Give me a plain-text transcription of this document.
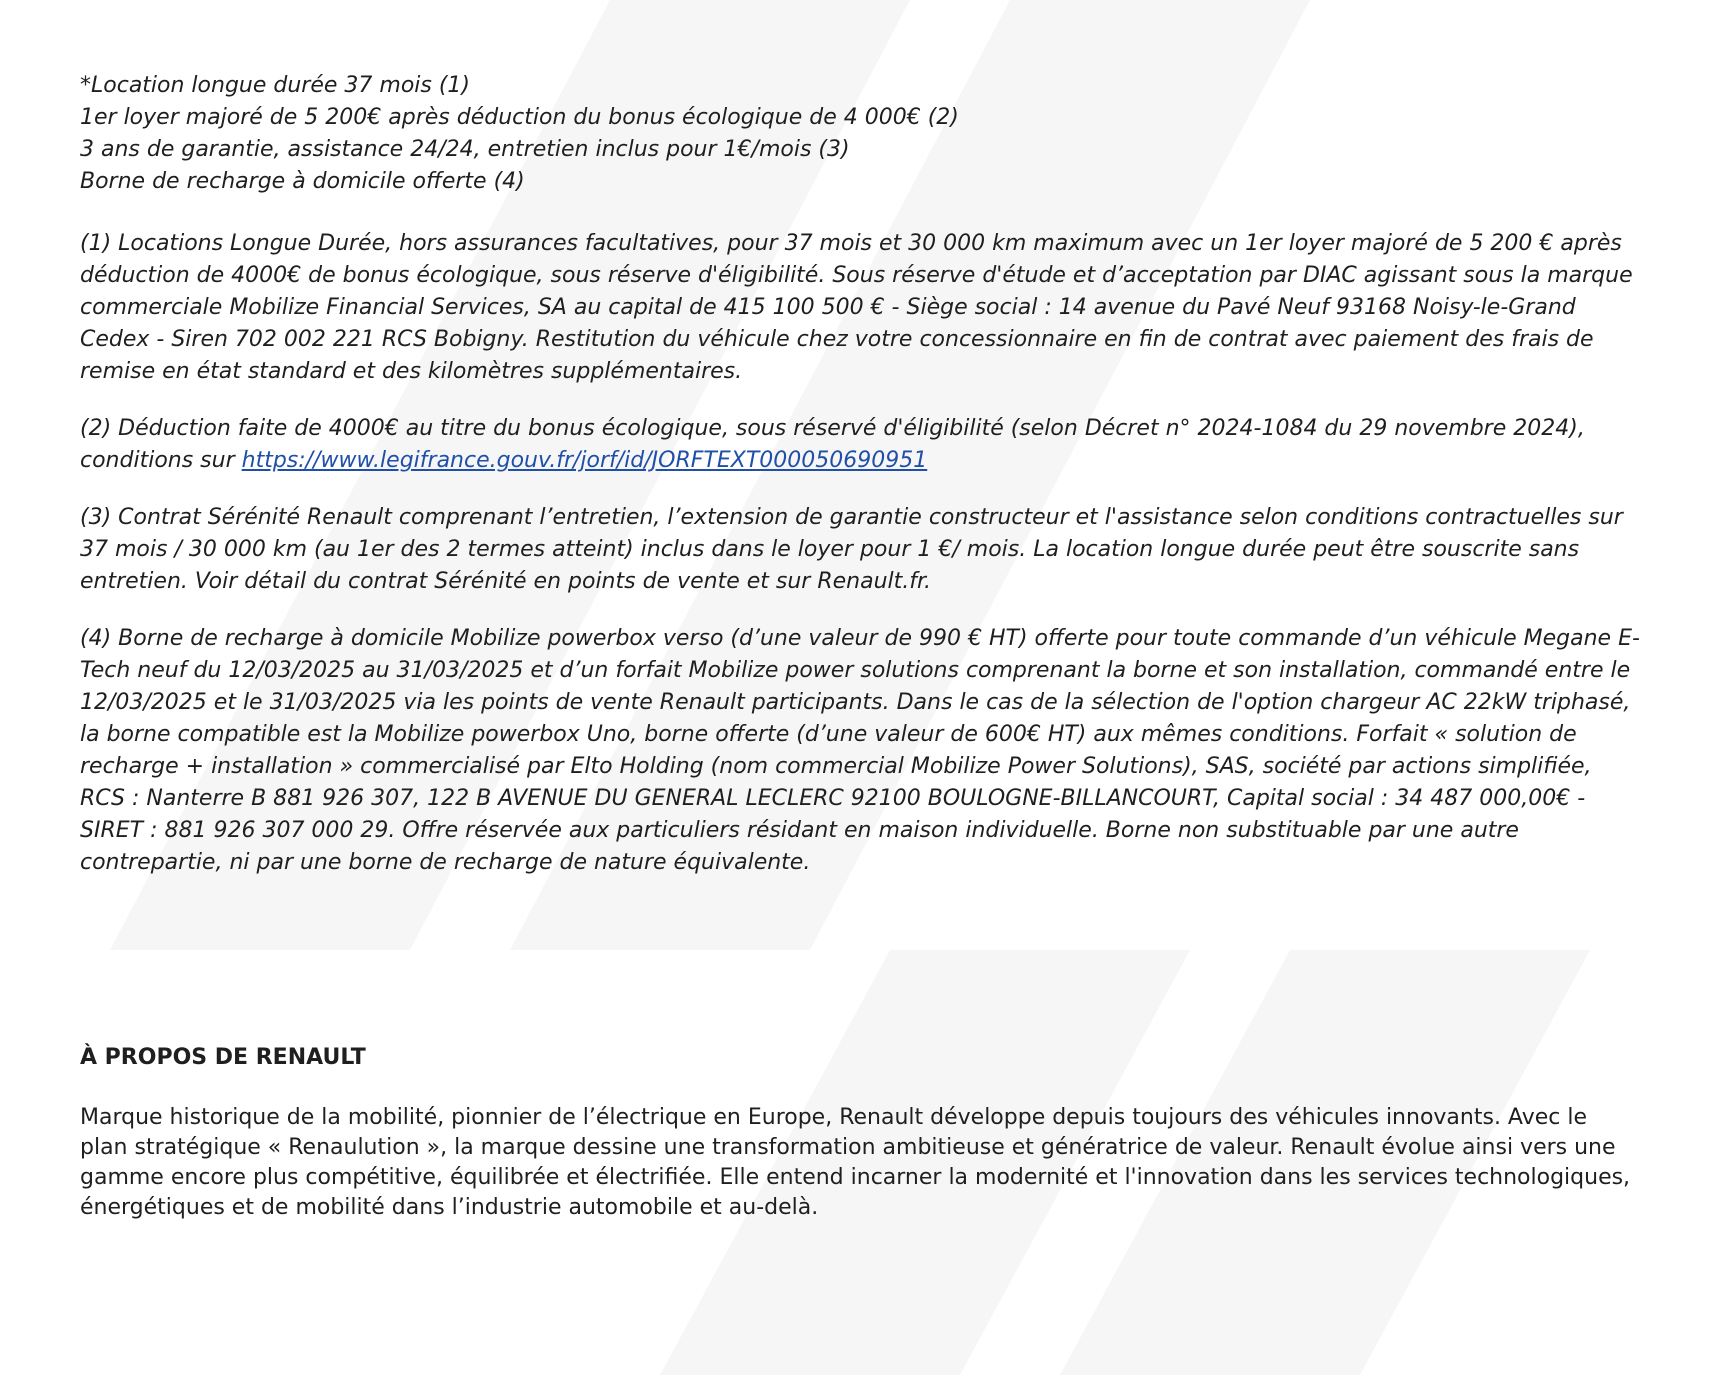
*Location longue durée 37 mois (1)
1er loyer majoré de 5 200€ après déduction du bonus écologique de 4 000€ (2)
3 ans de garantie, assistance 24/24, entretien inclus pour 1€/mois (3)
Borne de recharge à domicile offerte (4)

(1) Locations Longue Durée, hors assurances facultatives, pour 37 mois et 30 000 km maximum avec un 1er loyer majoré de 5 200 € après déduction de 4000€ de bonus écologique, sous réserve d'éligibilité. Sous réserve d'étude et d’acceptation par DIAC agissant sous la marque commerciale Mobilize Financial Services, SA au capital de 415 100 500 € - Siège social : 14 avenue du Pavé Neuf 93168 Noisy-le-Grand Cedex - Siren 702 002 221 RCS Bobigny. Restitution du véhicule chez votre concessionnaire en fin de contrat avec paiement des frais de remise en état standard et des kilomètres supplémentaires.

(2) Déduction faite de 4000€ au titre du bonus écologique, sous réservé d'éligibilité (selon Décret n° 2024-1084 du 29 novembre 2024), conditions sur https://www.legifrance.gouv.fr/jorf/id/JORFTEXT000050690951

(3) Contrat Sérénité Renault comprenant l’entretien, l’extension de garantie constructeur et l'assistance selon conditions contractuelles sur 37 mois / 30 000 km (au 1er des 2 termes atteint) inclus dans le loyer pour 1 €/ mois. La location longue durée peut être souscrite sans entretien. Voir détail du contrat Sérénité en points de vente et sur Renault.fr.

(4) Borne de recharge à domicile Mobilize powerbox verso (d’une valeur de 990 € HT) offerte pour toute commande d’un véhicule Megane E-Tech neuf du 12/03/2025 au 31/03/2025 et d’un forfait Mobilize power solutions comprenant la borne et son installation, commandé entre le 12/03/2025 et le 31/03/2025 via les points de vente Renault participants. Dans le cas de la sélection de l'option chargeur AC 22kW triphasé, la borne compatible est la Mobilize powerbox Uno, borne offerte (d’une valeur de 600€ HT) aux mêmes conditions. Forfait « solution de recharge + installation » commercialisé par Elto Holding (nom commercial Mobilize Power Solutions), SAS, société par actions simplifiée, RCS : Nanterre B 881 926 307, 122 B AVENUE DU GENERAL LECLERC 92100 BOULOGNE-BILLANCOURT, Capital social : 34 487 000,00€ - SIRET : 881 926 307 000 29. Offre réservée aux particuliers résidant en maison individuelle. Borne non substituable par une autre contrepartie, ni par une borne de recharge de nature équivalente.

À PROPOS DE RENAULT

Marque historique de la mobilité, pionnier de l’électrique en Europe, Renault développe depuis toujours des véhicules innovants. Avec le plan stratégique « Renaulution », la marque dessine une transformation ambitieuse et génératrice de valeur. Renault évolue ainsi vers une gamme encore plus compétitive, équilibrée et électrifiée. Elle entend incarner la modernité et l'innovation dans les services technologiques, énergétiques et de mobilité dans l’industrie automobile et au-delà.
